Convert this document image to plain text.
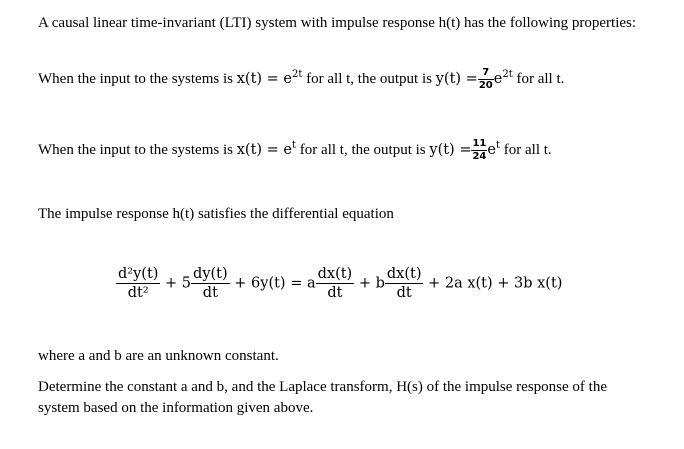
A causal linear time-invariant (LTI) system with impulse response h(t) has the following properties:
When the input to the systems is $x(t) = e^{2t}$ for all t, the output is $y(t) = \frac{7}{20} e^{2t}$ for all t.
When the input to the systems is $x(t) = e^t$ for all t, the output is $y(t) = \frac{11}{24} e^t$ for all t.
The impulse response h(t) satisfies the differential equation
$\frac{\text{d²y(t)}}{\text{dt²}} + 5 \frac{dy(t)}{dt} + 6y(t) = a \frac{dx(t)}{dt} + b \frac{dx(t)}{dt} + 2a$ x(t) + 3b x(t)
where a and b are an unknown constant.
Determine the constant a and b, and the Laplace transform, H(s) of the impulse response of the system based on the information given above.
